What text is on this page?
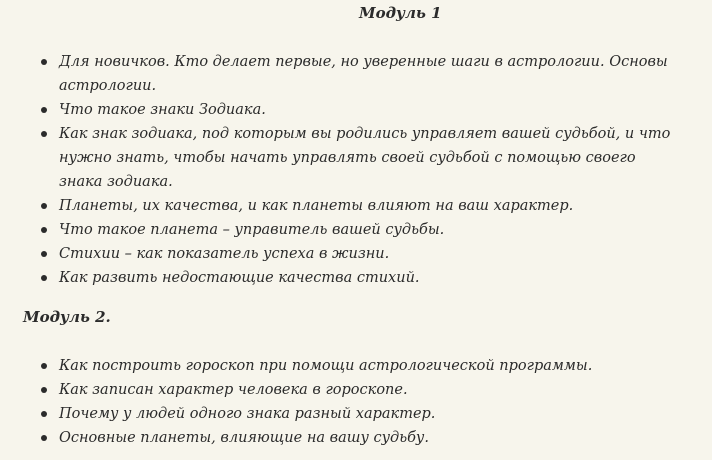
Модуль 1

Для новичков. Кто делает первые, но уверенные шаги в астрологии. Основы астрологии.
Что такое знаки Зодиака.
Как знак зодиака, под которым вы родились управляет вашей судьбой, и что нужно знать, чтобы начать управлять своей судьбой с помощью своего знака зодиака.
Планеты, их качества, и как планеты влияют на ваш характер.
Что такое планета – управитель вашей судьбы.
Стихии – как показатель успеха в жизни.
Как развить недостающие качества стихий.

Модуль 2.

Как построить гороскоп при помощи астрологической программы.
Как записан характер человека в гороскопе.
Почему у людей одного знака разный характер.
Основные планеты, влияющие на вашу судьбу.
